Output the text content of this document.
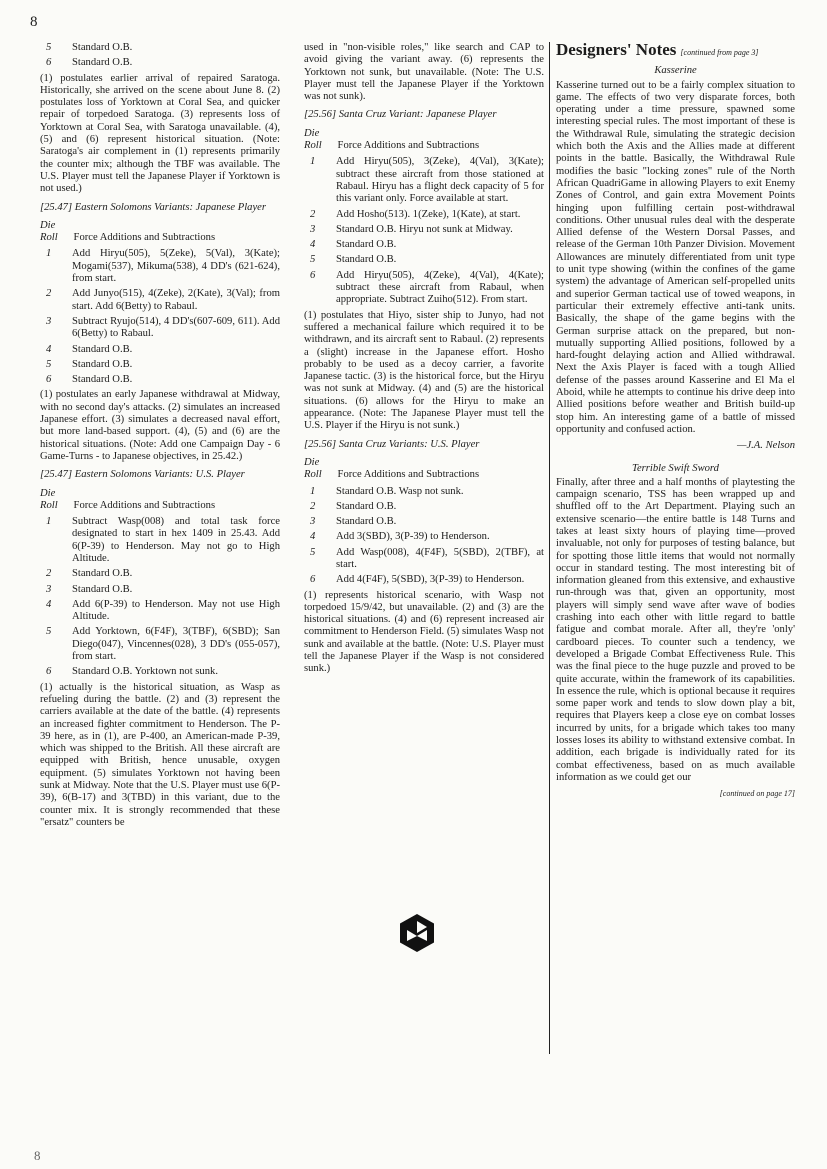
8
5 Standard O.B.
6 Standard O.B.

(1) postulates earlier arrival of repaired Saratoga. Historically, she arrived on the scene about June 8. (2) postulates loss of Yorktown at Coral Sea, and quicker repair of torpedoed Saratoga. (3) represents loss of Yorktown at Coral Sea, with Saratoga unavailable. (4), (5) and (6) represent historical situation. (Note: Saratoga's air complement in (1) represents primarily the counter mix; although the TBF was available. The U.S. Player must tell the Japanese Player if Yorktown is not used.)

[25.47] Eastern Solomons Variants: Japanese Player
Die
Roll Force Additions and Subtractions
1 Add Hiryu(505), 5(Zeke), 5(Val), 3(Kate); Mogami(537), Mikuma(538), 4 DD's (621-624), from start.
2 Add Junyo(515), 4(Zeke), 2(Kate), 3(Val); from start. Add 6(Betty) to Rabaul.
3 Subtract Ryujo(514), 4 DD's(607-609, 611). Add 6(Betty) to Rabaul.
4 Standard O.B.
5 Standard O.B.
6 Standard O.B.

(1) postulates an early Japanese withdrawal at Midway, with no second day's attacks. (2) simulates an increased Japanese effort. (3) simulates a decreased naval effort, but more land-based support. (4), (5) and (6) are the historical situations. (Note: Add one Campaign Day - 6 Game-Turns - to Japanese objectives, in 25.42.)

[25.47] Eastern Solomons Variants: U.S. Player
Die
Roll Force Additions and Subtractions
1 Subtract Wasp(008) and total task force designated to start in hex 1409 in 25.43. Add 6(P-39) to Henderson. May not go to High Altitude.
2 Standard O.B.
3 Standard O.B.
4 Add 6(P-39) to Henderson. May not use High Altitude.
5 Add Yorktown, 6(F4F), 3(TBF), 6(SBD); San Diego(047), Vincennes(028), 3 DD's (055-057), from start.
6 Standard O.B. Yorktown not sunk.

(1) actually is the historical situation, as Wasp as refueling during the battle. (2) and (3) represent the carriers available at the date of the battle. (4) represents an increased fighter commitment to Henderson. The P-39 here, as in (1), are P-400, an American-made P-39, which was shipped to the British. All these aircraft are equipped with British, hence unusable, oxygen equipment. (5) simulates Yorktown not having been sunk at Midway. Note that the U.S. Player must use 6(P-39), 6(B-17) and 3(TBD) in this variant, due to the counter mix. It is strongly recommended that these "ersatz" counters be

used in "non-visible roles," like search and CAP to avoid giving the variant away. (6) represents the Yorktown not sunk, but unavailable. (Note: The U.S. Player must tell the Japanese Player if the Yorktown was not sunk).

[25.56] Santa Cruz Variant: Japanese Player
Die
Roll Force Additions and Subtractions
1 Add Hiryu(505), 3(Zeke), 4(Val), 3(Kate); subtract these aircraft from those stationed at Rabaul. Hiryu has a flight deck capacity of 5 for this variant only. Force available at start.
2 Add Hosho(513). 1(Zeke), 1(Kate), at start.
3 Standard O.B. Hiryu not sunk at Midway.
4 Standard O.B.
5 Standard O.B.
6 Add Hiryu(505), 4(Zeke), 4(Val), 4(Kate); subtract these aircraft from Rabaul, when appropriate. Subtract Zuiho(512). From start.

(1) postulates that Hiyo, sister ship to Junyo, had not suffered a mechanical failure which required it to be withdrawn, and its aircraft sent to Rabaul. (2) represents a (slight) increase in the Japanese effort. Hosho probably to be used as a decoy carrier, a favorite Japanese tactic. (3) is the historical force, but the Hiryu was not sunk at Midway. (4) and (5) are the historical situations. (6) allows for the Hiryu to make an appearance. (Note: The Japanese Player must tell the U.S. Player if the Hiryu is not sunk.)

[25.56] Santa Cruz Variants: U.S. Player
Die
Roll Force Additions and Subtractions
1 Standard O.B. Wasp not sunk.
2 Standard O.B.
3 Standard O.B.
4 Add 3(SBD), 3(P-39) to Henderson.
5 Add Wasp(008), 4(F4F), 5(SBD), 2(TBF), at start.
6 Add 4(F4F), 5(SBD), 3(P-39) to Henderson.

(1) represents historical scenario, with Wasp not torpedoed 15/9/42, but unavailable. (2) and (3) are the historical situations. (4) and (6) represent increased air commitment to Henderson Field. (5) simulates Wasp not sunk and available at the battle. (Note: U.S. Player must tell the Japanese Player if the Wasp is not considered sunk.)

Designers' Notes [continued from page 3]
Kasserine

Kasserine turned out to be a fairly complex situation to game. The effects of two very disparate forces, both operating under a time pressure, spawned some interesting special rules. The most important of these is the Withdrawal Rule, simulating the strategic decision which both the Axis and the Allies made at different points in the battle. Basically, the Withdrawal Rule modifies the basic "locking zones" rule of the North African QuadriGame in allowing Players to exit Enemy Zones of Control, and gain extra Movement Points hinging upon fulfilling certain post-withdrawal conditions. Other unusual rules deal with the desperate Allied defense of the Western Dorsal Passes, and release of the German 10th Panzer Division. Movement Allowances are minutely differentiated from unit type to unit type showing (within the confines of the game system) the advantage of American self-propelled units and superior German tactical use of towed weapons, in particular their extremely effective anti-tank units. Basically, the shape of the game begins with the German surprise attack on the prepared, but non-mutually supporting Allied positions, followed by a hard-fought delaying action and Allied withdrawal. Next the Axis Player is faced with a tough Allied defense of the passes around Kasserine and El Ma el Aboid, while he attempts to continue his drive deep into Allied positions before weather and British build-up stop him. An interesting game of a battle of missed opportunity and confused action.

—J.A. Nelson
Terrible Swift Sword

Finally, after three and a half months of playtesting the campaign scenario, TSS has been wrapped up and shuffled off to the Art Department. Playing such an extensive scenario—the entire battle is 148 Turns and takes at least sixty hours of playing time—proved invaluable, not only for purposes of testing balance, but for spotting those little items that would not normally occur in standard testing. The most interesting bit of information gleaned from this extensive, and exhaustive run-through was that, given an opportunity, most players will simply send wave after wave of bodies crashing into each other with little regard to battle fatigue and combat morale. After all, they're 'only' cardboard pieces. To counter such a tendency, we developed a Brigade Combat Effectiveness Rule. This was the final piece to the huge puzzle and proved to be quite accurate, within the framework of its capabilities. In essence the rule, which is optional because it requires some paper work and tends to slow down play a bit, requires that Players keep a close eye on combat losses incurred by units, for a brigade which takes too many losses loses its ability to withstand extensive combat. In addition, each brigade is individually rated for its combat effectiveness, based on as much available information as we could get our

[continued on page 17]
8
